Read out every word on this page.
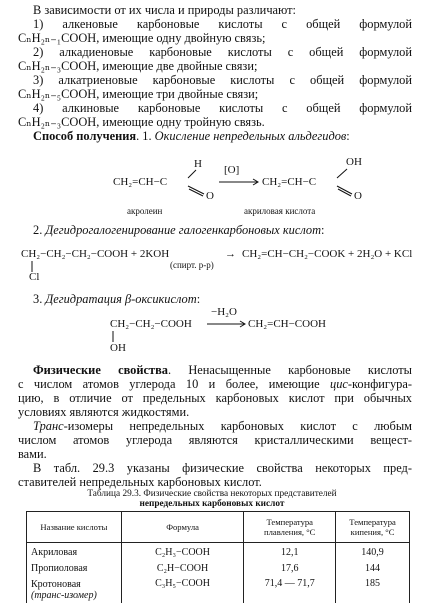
В зависимости от их числа и природы различают:
1) алкеновые карбоновые кислоты с общей формулой
CₙH₂ₙ₋₁COOH, имеющие одну двойную связь;
2) алкадиеновые карбоновые кислоты с общей формулой
CₙH₂ₙ₋₃COOH, имеющие две двойные связи;
3) алкатриеновые карбоновые кислоты с общей формулой
CₙH₂ₙ₋₅COOH, имеющие три двойные связи;
4) алкиновые карбоновые кислоты с общей формулой
CₙH₂ₙ₋₃COOH, имеющие одну тройную связь.
Способ получения. 1. Окисление непредельных альдегидов:
CH₂=CH−C
H
O
[O]
CH₂=CH−C
OH
O
акролеин	акриловая кислота
2. Дегидрогалогенирование галогенкарбоновых кислот:
CH₂−CH₂−CH₂−COOH + 2KOH
(спирт. р-р)
→ CH₂=CH−CH₂−COOK + 2H₂O + KCl
Cl
3. Дегидратация β-оксикислот:
CH₂−CH₂−COOH
−H₂O
CH₂=CH−COOH
OH
Физические свойства. Ненасыщенные карбоновые кислоты
с числом атомов углерода 10 и более, имеющие цис-конфигура-
цию, в отличие от предельных карбоновых кислот при обычных
условиях являются жидкостями.
Транс-изомеры непредельных карбоновых кислот с любым
числом атомов углерода являются кристаллическими вещест-
вами.
В табл. 29.3 указаны физические свойства некоторых пред-
ставителей непредельных карбоновых кислот.
Таблица 29.3. Физические свойства некоторых представителей
непредельных карбоновых кислот
Название кислоты	Формула	Температура плавления, °С	Температура кипения, °С
Акриловая	C₂H₃−COOH	12,1	140,9
Пропиоловая	C₂H−COOH	17,6	144
Кротоновая
(транс-изомер)	C₃H₅−COOH	71,4 — 71,7	185
